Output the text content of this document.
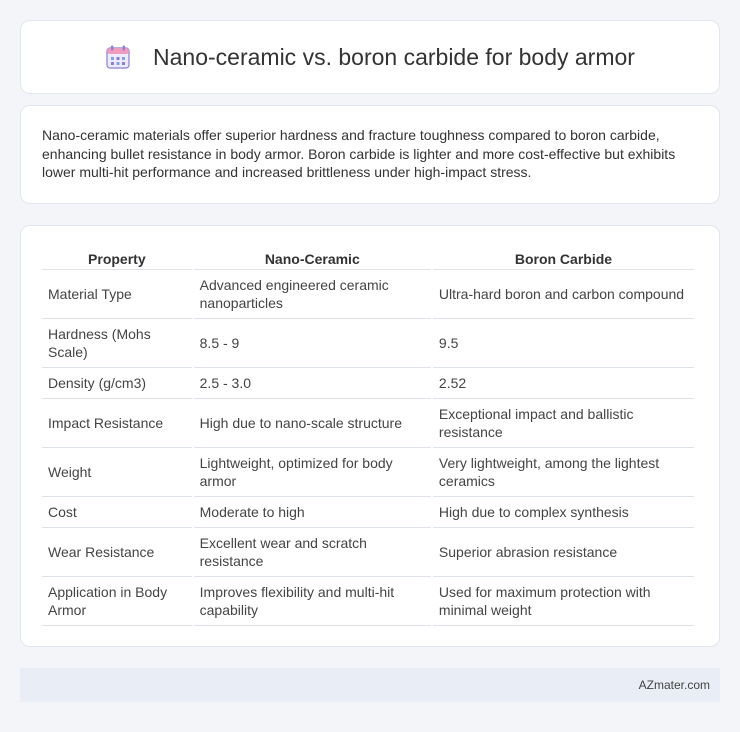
Nano-ceramic vs. boron carbide for body armor

Nano-ceramic materials offer superior hardness and fracture toughness compared to boron carbide, enhancing bullet resistance in body armor. Boron carbide is lighter and more cost-effective but exhibits lower multi-hit performance and increased brittleness under high-impact stress.

Property	Nano-Ceramic	Boron Carbide
Material Type	Advanced engineered ceramic nanoparticles	Ultra-hard boron and carbon compound
Hardness (Mohs Scale)	8.5 - 9	9.5
Density (g/cm3)	2.5 - 3.0	2.52
Impact Resistance	High due to nano-scale structure	Exceptional impact and ballistic resistance
Weight	Lightweight, optimized for body armor	Very lightweight, among the lightest ceramics
Cost	Moderate to high	High due to complex synthesis
Wear Resistance	Excellent wear and scratch resistance	Superior abrasion resistance
Application in Body Armor	Improves flexibility and multi-hit capability	Used for maximum protection with minimal weight
AZmater.com
